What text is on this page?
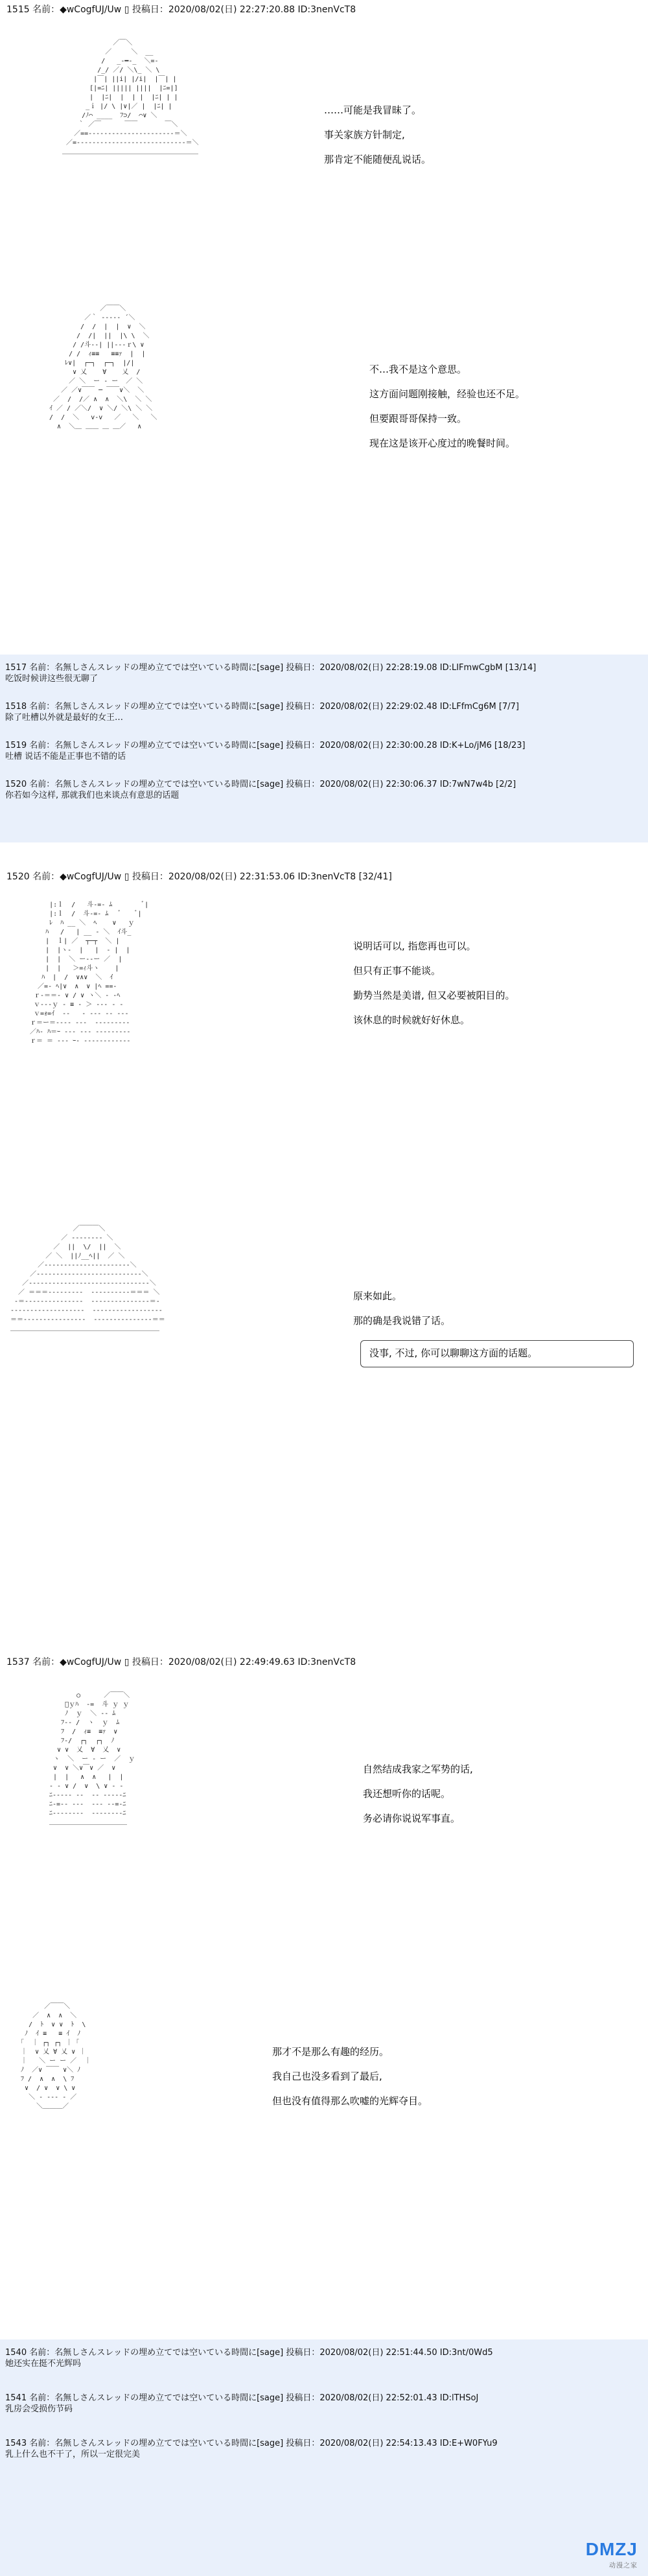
1515 名前：◆wCogfUJ/Uw ▯ 投稿日：2020/08/02(日) 22:27:20.88 ID:3nenVcT8
／￣＼
／     ＼  __
/   _-━-_  ＼=-
/_/ ／/ ＼\_ ＼ \
|￣| ||i| |/i|  |￣| |
[|=ﾆ| ||||| ||||  |ﾆ=|]
|  |ﾆ|  |  | |  |ﾆ| | |
_ｉ |/ \ |∨|／ |  |ﾆ| |
/ﾉ⌒ ____  ﾌ⊃/  ⌒∨ ＼
｀ ／￣      ￣￣       ￣＼
／==‐‐‐‐‐‐‐‐‐‐‐‐‐‐‐‐‐‐‐‐‐‐＝＼
／=‐‐‐‐‐‐‐‐‐‐‐‐‐‐‐‐‐‐‐‐‐‐‐‐‐‐‐‐＝＼
＿＿＿＿＿＿＿＿＿＿＿＿＿＿＿＿＿＿＿＿＿

……可能是我冒昧了。

事关家族方针制定,

那肯定不能随便乱说话。

／￣￣＼
／｀ -‐‐‐‐ ´＼
/  /  |  |  ∨  ＼
/  /|  ||  |\ \  ＼
/ /斗-‐| ||‐‐-ｒ\ ∨
/ /  ｨ≡≡   ≡≡ｧ  |  |
ﾚ∨|  ┌─┐  ┌─┐  |/|
∨ 乂    ∀    乂  /
／ ＼  ー ‐ ー  ／ ＼
／ ／∨￣￣ ─ ￣￣∨＼  ＼
／  /  /／ ∧  ∧  ＼\  ＼ ＼
ｲ ／ / ／＼/  ∨ ＼/ ＼\ ＼ ＼
/  /  ＼   v-v   ／   ＼   ＼
∧  ＼＿ ＿＿ ＿ ＿／   ∧

不…我不是这个意思。

这方面问题刚接触，经验也还不足。

但要跟哥哥保持一致。

现在这是该开心度过的晚餐时间。

1517 名前：名無しさんスレッドの埋め立てでは空いている時間に[sage] 投稿日：2020/08/02(日) 22:28:19.08 ID:LIFmwCgbM [13/14]
吃饭时候讲这些很无聊了
1518 名前：名無しさんスレッドの埋め立てでは空いている時間に[sage] 投稿日：2020/08/02(日) 22:29:02.48 ID:LFfmCg6M [7/7]
除了吐槽以外就是最好的女王…
1519 名前：名無しさんスレッドの埋め立てでは空いている時間に[sage] 投稿日：2020/08/02(日) 22:30:00.28 ID:K+Lo/jM6 [18/23]
吐槽 说话不能是正事也不错的话
1520 名前：名無しさんスレッドの埋め立てでは空いている時間に[sage] 投稿日：2020/08/02(日) 22:30:06.37 ID:7wN7w4b [2/2]
你若如今这样, 那就我们也来谈点有意思的话题
1520 名前：◆wCogfUJ/Uw ▯ 投稿日：2020/08/02(日) 22:31:53.06 ID:3nenVcT8 [32/41]
|:ｌ  /   斗‐=‐ ﾑ        ﾞ|
|:ｌ  /  斗‐=‐ ﾑ   ﾞ    ﾞ|
ﾚ  ﾊ __ ＼  ﾍ    ∨   ｙ
ﾊ   /   | __ ‐ ＼  ｲ斗_
|  ｌ| ／  ┬─┬  ＼ |
|  |ヽ‐  |   |  ‐ |  |
|  |  ＼ ー‐‐ー ／  |
|  |   ＞=ｨ斗ヽ    |
ﾊ  |  /  ∨∧∨  ＼  ｲ
／=- ﾍ|∨  ∧  ∨ |ﾍ ==‐
ｒ‐＝＝‐ ∨ / ∨ ヽ＼ ‐ ‐ﾍ
ｖ‐‐‐ｙ ‐ ≡ ‐ ＞ ‐‐‐ ‐ ‐
ｖ=ｫ=ｲ  ‐‐   ‐ ‐‐‐ ‐‐ ‐‐‐
ｒ＝ー＝‐‐‐‐ ‐‐‐  ‐‐‐‐‐‐‐‐‐
／ﾊ‐ ﾊ＝ｰ ‐‐‐ ‐‐‐ ‐‐‐‐‐‐‐‐‐
ｒ＝ ＝ ‐‐‐ ｰ‐ ‐‐‐‐‐‐‐‐‐‐‐‐

说明话可以, 指您再也可以。

但只有正事不能谈。

勤势当然是美谱, 但又必要被阳目的。

该休息的时候就好好休息。

／￣￣￣＼
／ ‐‐‐‐‐‐‐‐ ＼
／  ||  \/  ||  ＼
／ ＼  ||ﾉ__ﾍ||  ／ ＼
／‐‐‐‐‐‐‐‐‐‐‐‐‐‐‐‐‐‐‐‐‐‐＼
／‐‐‐‐‐‐‐‐‐‐‐‐‐‐‐‐‐‐‐‐‐‐‐‐‐‐‐＼
／‐‐‐‐‐‐‐‐‐‐‐‐‐‐‐‐‐‐‐‐‐‐‐‐‐‐‐‐‐‐‐＼
／ ＝＝＝‐‐‐‐‐‐‐‐‐  ‐‐‐‐‐‐‐‐‐‐＝＝＝ ＼
‐＝‐‐‐‐‐‐‐‐‐‐‐‐‐‐‐  ‐‐‐‐‐‐‐‐‐‐‐‐‐‐‐＝‐
‐‐‐‐‐‐‐‐‐‐‐‐‐‐‐‐‐‐‐  ‐‐‐‐‐‐‐‐‐‐‐‐‐‐‐‐‐‐
＝＝‐‐‐‐‐‐‐‐‐‐‐‐‐‐‐‐  ‐‐‐‐‐‐‐‐‐‐‐‐‐‐‐＝＝
＿＿＿＿＿＿＿＿＿＿＿＿＿＿＿＿＿＿＿＿＿＿＿

原来如此。

那的确是我说错了话。

没事, 不过, 你可以聊聊这方面的话题。
1537 名前：◆wCogfUJ/Uw ▯ 投稿日：2020/08/02(日) 22:49:49.63 ID:3nenVcT8
○      ／￣￣＼
ﾞｙﾊ  ‐=  斗 ｙ ｙ
ﾉ  ｙ  ＼ ‐‐ ﾑ
ﾌ‐‐ /  ヽ  ｙ  ﾑ
ﾌ  /  ｨ≡  ≡ｧ  ∨
ﾌ‐/  ┌┐  ┌┐  ﾉ
∨ ∨  乂  ∀  乂  ∨
ヽ  ＼  ー ‐ ー  ／  ｙ
∨  ∨ ＼∨￣∨ ／  ∨
|  |   ∧  ∧   |  |
‐ ‐ ∨ /  ∨  \ ∨ ‐ ‐
ﾆ‐‐‐‐‐ ‐‐  ‐‐ ‐‐‐‐‐ﾆ
ﾆ‐=‐‐ ‐‐‐  ‐‐‐ ‐‐=‐ﾆ
ﾆ‐‐‐‐‐‐‐‐  ‐‐‐‐‐‐‐‐ﾆ
＿＿＿＿＿＿＿＿＿＿＿＿

自然结成我家之军势的话,

我还想听你的话呢。

务必请你说说军事直。

／￣￣＼
／  ∧  ∧  ＼
/  ﾄ  ∨ ∨  ﾄ  \
ﾉ  ｲ ≡   ≡ ｲ  ﾉ
｢  ｜ ┌┐ ┌┐ ｜ ｢
｜  ∨ 乂 ∀ 乂 ∨ ｜
｜   ＼ ー ー ／  ｜
ﾉ  ／∨ ￣￣ ∨＼ ﾉ
ﾌ /  ∧  ∧  \ ﾌ
∨  / ∨  ∨ \ ∨
＼ ‐ ‐‐‐ ‐ ／
＼＿＿＿／

那才不是那么有趣的经历。

我自己也没多看到了最后,

但也没有值得那么吹嘘的光辉夺目。

1540 名前：名無しさんスレッドの埋め立てでは空いている時間に[sage] 投稿日：2020/08/02(日) 22:51:44.50 ID:3nt/0Wd5
她还实在挺不光辉吗
1541 名前：名無しさんスレッドの埋め立てでは空いている時間に[sage] 投稿日：2020/08/02(日) 22:52:01.43 ID:lTHSoJ
乳房会受损伤节码
1543 名前：名無しさんスレッドの埋め立てでは空いている時間に[sage] 投稿日：2020/08/02(日) 22:54:13.43 ID:E+W0FYu9
乳上什么也不干了，所以一定很完美
DMZJ
动漫之家
